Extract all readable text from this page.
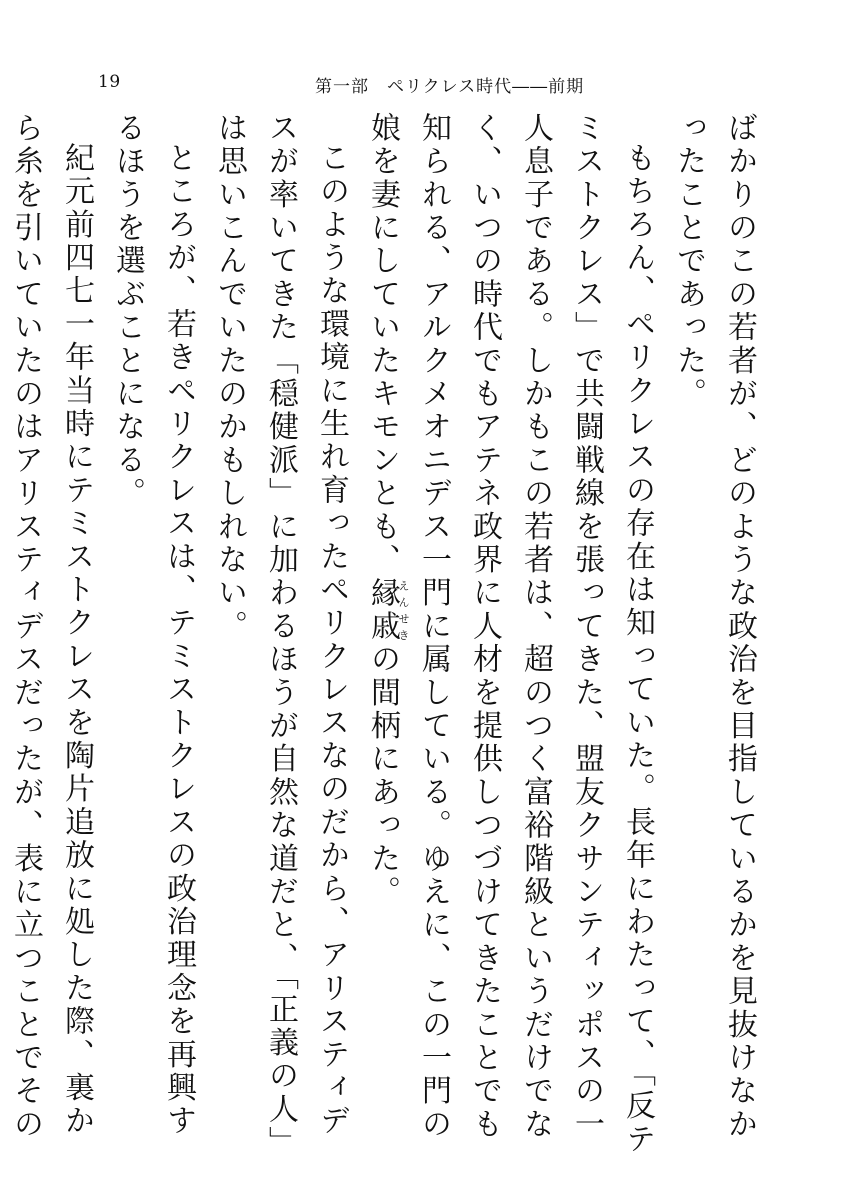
19	第一部　ペリクレス時代――前期

ばかりのこの若者が、どのような政治を目指しているかを見抜けなかったことであった。

もちろん、ペリクレスの存在は知っていた。長年にわたって、「反テミストクレス」で共闘戦線を張ってきた、盟友クサンティッポスの一人息子である。しかもこの若者は、超のつく富裕階級というだけでなく、いつの時代でもアテネ政界に人材を提供しつづけてきたことでも知られる、アルクメオニデス一門に属している。ゆえに、この一門の娘を妻にしていたキモンとも、縁戚えんせきの間柄にあった。

このような環境に生れ育ったペリクレスなのだから、アリスティデスが率いてきた「穏健派」に加わるほうが自然な道だと、「正義の人」は思いこんでいたのかもしれない。

ところが、若きペリクレスは、テミストクレスの政治理念を再興するほうを選ぶことになる。

紀元前四七一年当時にテミストクレスを陶片追放に処した際、裏から糸を引いていたのはアリスティデスだったが、表に立つことでその
